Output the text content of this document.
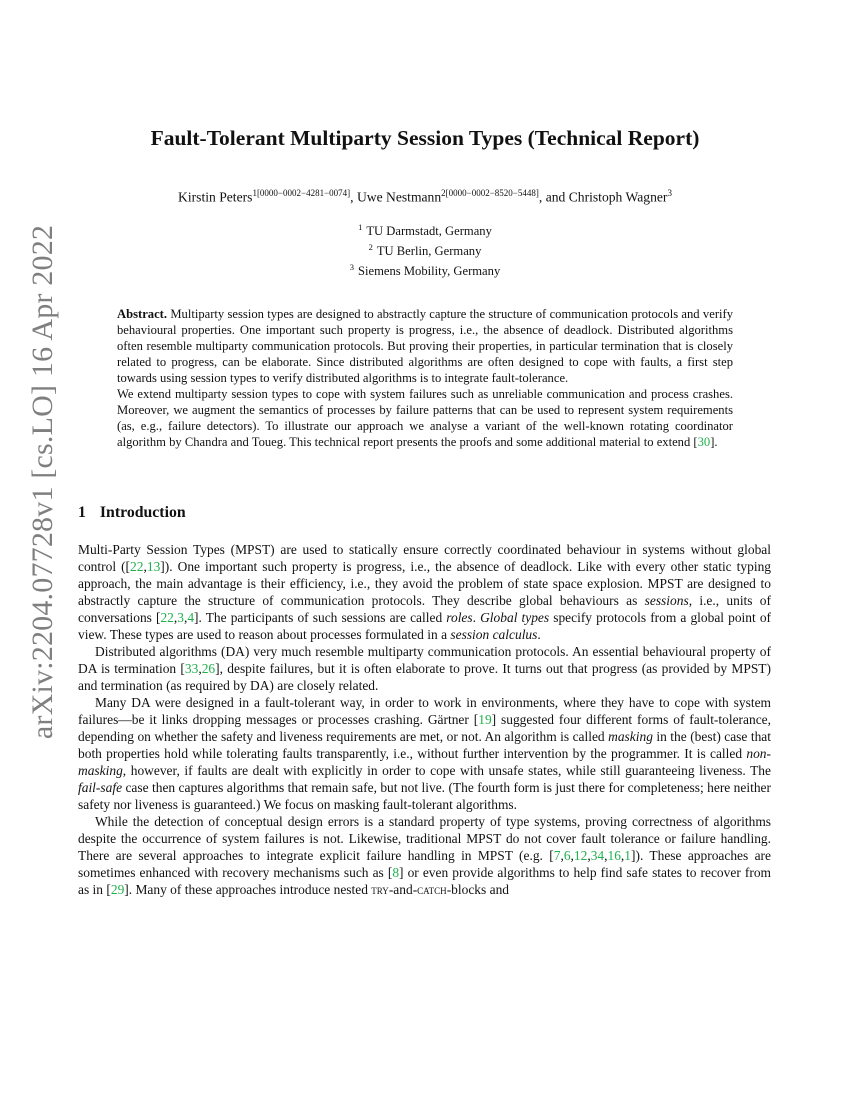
arXiv:2204.07728v1 [cs.LO] 16 Apr 2022
Fault-Tolerant Multiparty Session Types (Technical Report)
Kirstin Peters$^{1[0000-0002-4281-0074]}$, Uwe Nestmann$^{2[0000-0002-8520-5448]}$, and Christoph Wagner$^3$
$^1$ TU Darmstadt, Germany
$^2$ TU Berlin, Germany
$^3$ Siemens Mobility, Germany

Abstract. Multiparty session types are designed to abstractly capture the structure of communication protocols and verify behavioural properties. One important such property is progress, i.e., the absence of deadlock. Distributed algorithms often resemble multiparty communication protocols. But proving their properties, in particular termination that is closely related to progress, can be elaborate. Since distributed algorithms are often designed to cope with faults, a first step towards using session types to verify distributed algorithms is to integrate fault-tolerance.

We extend multiparty session types to cope with system failures such as unreliable communication and process crashes. Moreover, we augment the semantics of processes by failure patterns that can be used to represent system requirements (as, e.g., failure detectors). To illustrate our approach we analyse a variant of the well-known rotating coordinator algorithm by Chandra and Toueg. This technical report presents the proofs and some additional material to extend [30].

1 Introduction

Multi-Party Session Types (MPST) are used to statically ensure correctly coordinated behaviour in systems without global control ([22,13]). One important such property is progress, i.e., the absence of deadlock. Like with every other static typing approach, the main advantage is their efficiency, i.e., they avoid the problem of state space explosion. MPST are designed to abstractly capture the structure of communication protocols. They describe global behaviours as sessions, i.e., units of conversations [22,3,4]. The participants of such sessions are called roles. Global types specify protocols from a global point of view. These types are used to reason about processes formulated in a session calculus.

Distributed algorithms (DA) very much resemble multiparty communication protocols. An essential behavioural property of DA is termination [33,26], despite failures, but it is often elaborate to prove. It turns out that progress (as provided by MPST) and termination (as required by DA) are closely related.

Many DA were designed in a fault-tolerant way, in order to work in environments, where they have to cope with system failures—be it links dropping messages or processes crashing. Gärtner [19] suggested four different forms of fault-tolerance, depending on whether the safety and liveness requirements are met, or not. An algorithm is called masking in the (best) case that both properties hold while tolerating faults transparently, i.e., without further intervention by the programmer. It is called non-masking, however, if faults are dealt with explicitly in order to cope with unsafe states, while still guaranteeing liveness. The fail-safe case then captures algorithms that remain safe, but not live. (The fourth form is just there for completeness; here neither safety nor liveness is guaranteed.) We focus on masking fault-tolerant algorithms.

While the detection of conceptual design errors is a standard property of type systems, proving correctness of algorithms despite the occurrence of system failures is not. Likewise, traditional MPST do not cover fault tolerance or failure handling. There are several approaches to integrate explicit failure handling in MPST (e.g. [7,6,12,34,16,1]). These approaches are sometimes enhanced with recovery mechanisms such as [8] or even provide algorithms to help find safe states to recover from as in [29]. Many of these approaches introduce nested try-and-catch-blocks and
